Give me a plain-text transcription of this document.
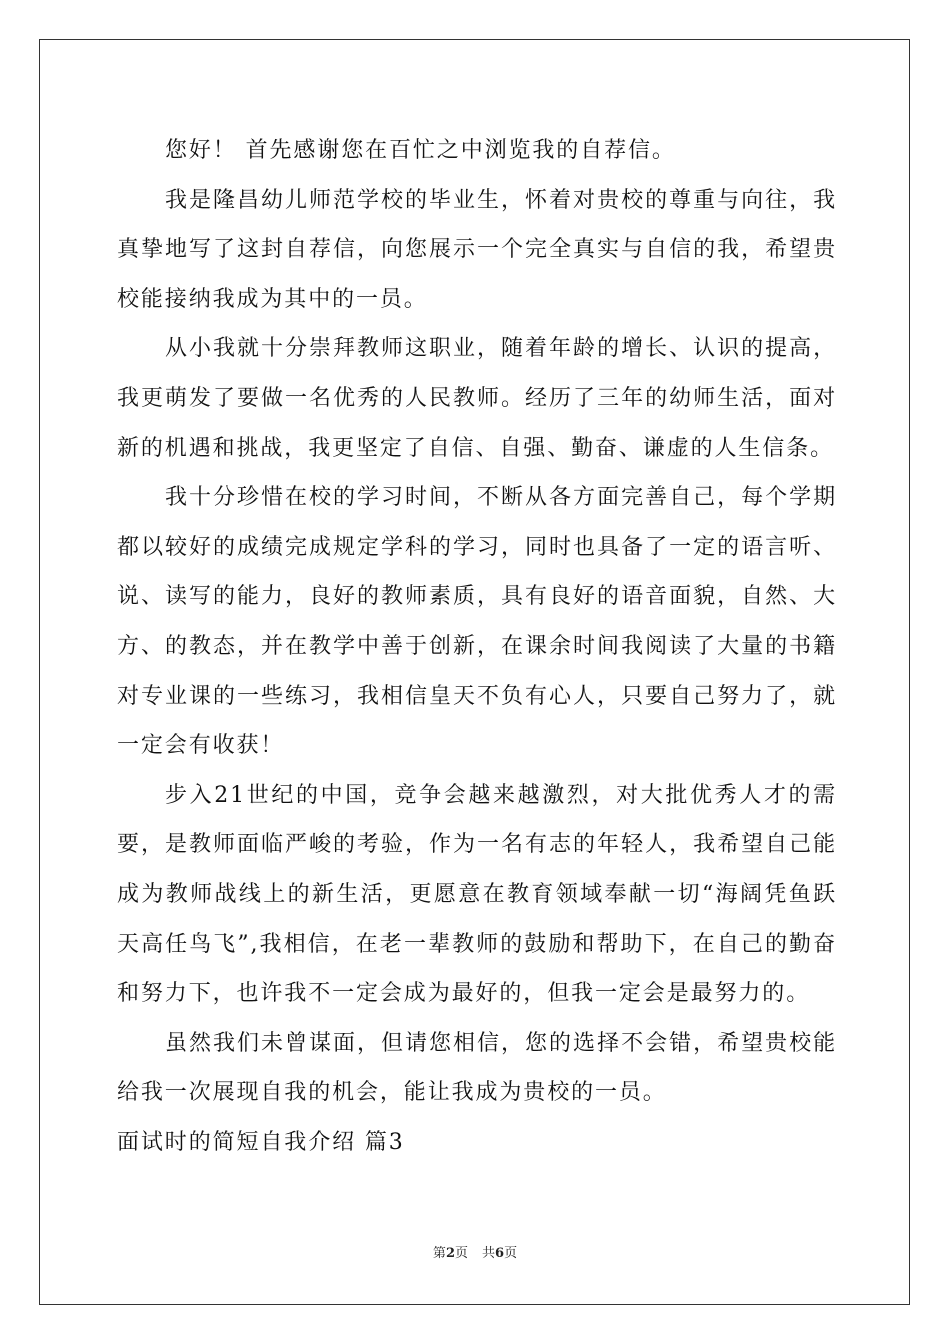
您好！ 首先感谢您在百忙之中浏览我的自荐信。

我是隆昌幼儿师范学校的毕业生，怀着对贵校的尊重与向往，我真挚地写了这封自荐信，向您展示一个完全真实与自信的我，希望贵校能接纳我成为其中的一员。

从小我就十分崇拜教师这职业，随着年龄的增长、认识的提高，我更萌发了要做一名优秀的人民教师。经历了三年的幼师生活，面对新的机遇和挑战，我更坚定了自信、自强、勤奋、谦虚的人生信条。

我十分珍惜在校的学习时间，不断从各方面完善自己，每个学期都以较好的成绩完成规定学科的学习，同时也具备了一定的语言听、说、读写的能力，良好的教师素质，具有良好的语音面貌，自然、大方、的教态，并在教学中善于创新，在课余时间我阅读了大量的书籍对专业课的一些练习，我相信皇天不负有心人，只要自己努力了，就一定会有收获！

步入21世纪的中国，竞争会越来越激烈，对大批优秀人才的需要，是教师面临严峻的考验，作为一名有志的年轻人，我希望自己能成为教师战线上的新生活，更愿意在教育领域奉献一切“海阔凭鱼跃天高任鸟飞”,我相信，在老一辈教师的鼓励和帮助下，在自己的勤奋和努力下，也许我不一定会成为最好的，但我一定会是最努力的。

虽然我们未曾谋面，但请您相信，您的选择不会错，希望贵校能给我一次展现自我的机会，能让我成为贵校的一员。

面试时的简短自我介绍 篇3

第2页 共6页
